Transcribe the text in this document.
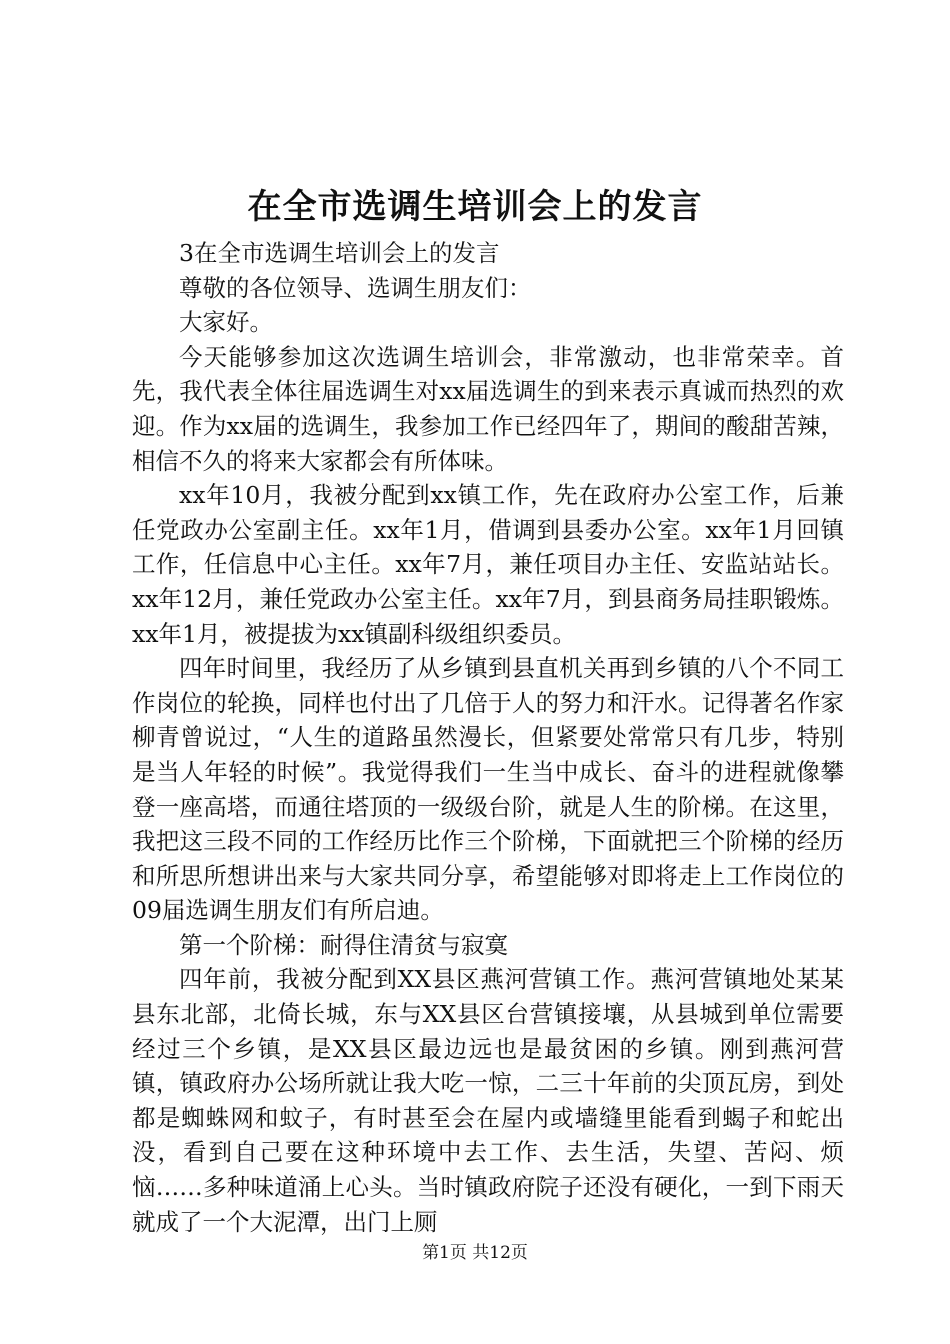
在全市选调生培训会上的发言

3在全市选调生培训会上的发言

尊敬的各位领导、选调生朋友们：

大家好。

今天能够参加这次选调生培训会，非常激动，也非常荣幸。首先，我代表全体往届选调生对xx届选调生的到来表示真诚而热烈的欢迎。作为xx届的选调生，我参加工作已经四年了，期间的酸甜苦辣，相信不久的将来大家都会有所体味。

xx年10月，我被分配到xx镇工作，先在政府办公室工作，后兼任党政办公室副主任。xx年1月，借调到县委办公室。xx年1月回镇工作，任信息中心主任。xx年7月，兼任项目办主任、安监站站长。xx年12月，兼任党政办公室主任。xx年7月，到县商务局挂职锻炼。xx年1月，被提拔为xx镇副科级组织委员。

四年时间里，我经历了从乡镇到县直机关再到乡镇的八个不同工作岗位的轮换，同样也付出了几倍于人的努力和汗水。记得著名作家柳青曾说过，“人生的道路虽然漫长，但紧要处常常只有几步，特别是当人年轻的时候”。我觉得我们一生当中成长、奋斗的进程就像攀登一座高塔，而通往塔顶的一级级台阶，就是人生的阶梯。在这里，我把这三段不同的工作经历比作三个阶梯，下面就把三个阶梯的经历和所思所想讲出来与大家共同分享，希望能够对即将走上工作岗位的09届选调生朋友们有所启迪。

第一个阶梯：耐得住清贫与寂寞

四年前，我被分配到XX县区燕河营镇工作。燕河营镇地处某某县东北部，北倚长城，东与XX县区台营镇接壤，从县城到单位需要经过三个乡镇，是XX县区最边远也是最贫困的乡镇。刚到燕河营镇，镇政府办公场所就让我大吃一惊，二三十年前的尖顶瓦房，到处都是蜘蛛网和蚊子，有时甚至会在屋内或墙缝里能看到蝎子和蛇出没，看到自己要在这种环境中去工作、去生活，失望、苦闷、烦恼……多种味道涌上心头。当时镇政府院子还没有硬化，一到下雨天就成了一个大泥潭，出门上厕

第1页 共12页
